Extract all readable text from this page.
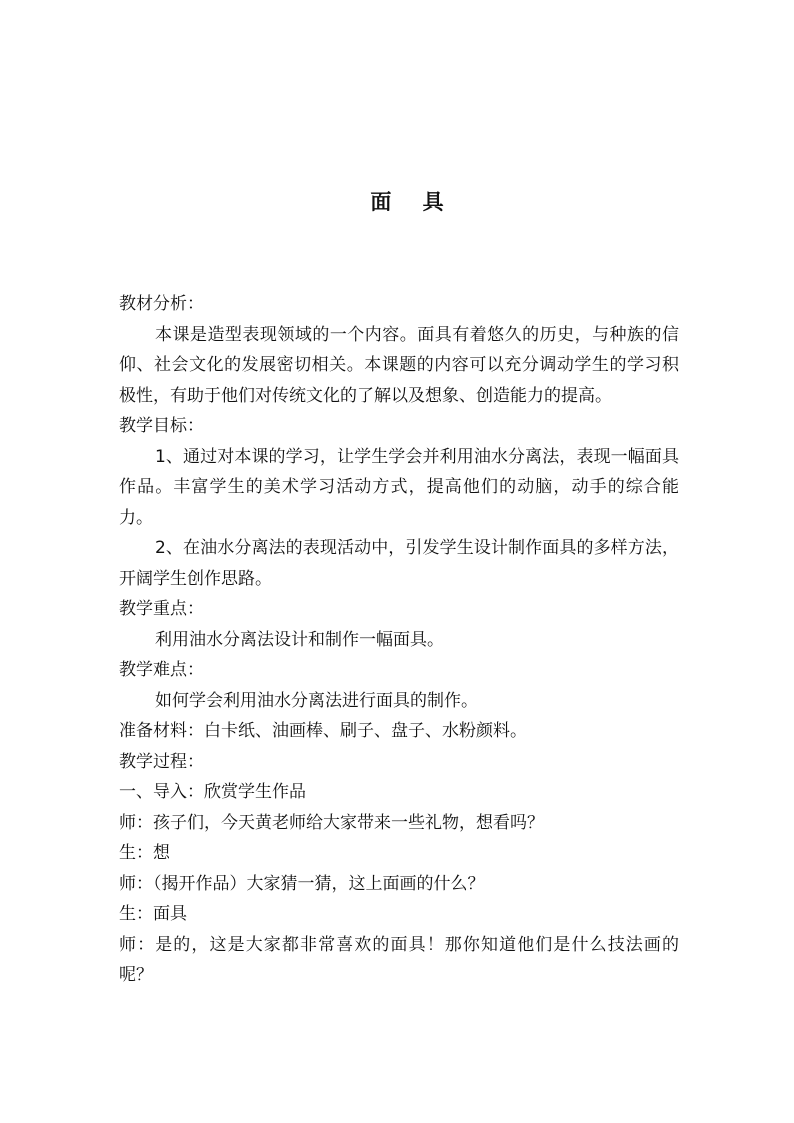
面 具

教材分析：

本课是造型表现领域的一个内容。面具有着悠久的历史，与种族的信仰、社会文化的发展密切相关。本课题的内容可以充分调动学生的学习积极性，有助于他们对传统文化的了解以及想象、创造能力的提高。

教学目标：

1、通过对本课的学习，让学生学会并利用油水分离法，表现一幅面具作品。丰富学生的美术学习活动方式，提高他们的动脑，动手的综合能力。

2、在油水分离法的表现活动中，引发学生设计制作面具的多样方法，开阔学生创作思路。

教学重点：

利用油水分离法设计和制作一幅面具。

教学难点：

如何学会利用油水分离法进行面具的制作。

准备材料：白卡纸、油画棒、刷子、盘子、水粉颜料。

教学过程：

一、导入：欣赏学生作品

师：孩子们，今天黄老师给大家带来一些礼物，想看吗？

生：想

师：（揭开作品）大家猜一猜，这上面画的什么？

生：面具

师：是的，这是大家都非常喜欢的面具！那你知道他们是什么技法画的呢？
